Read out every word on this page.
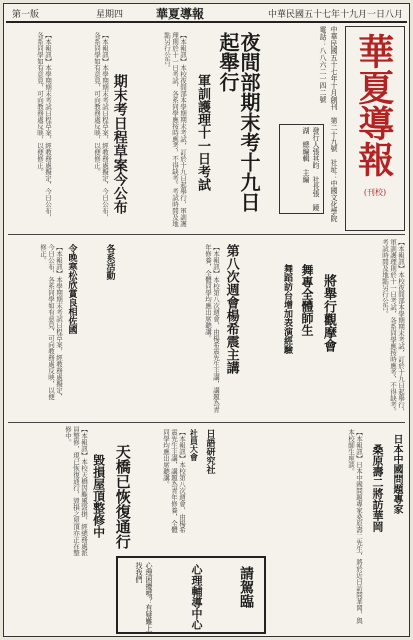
中華民國五十七年十九月一日八月
華夏導報
星期四
第一版
華夏導報
(刊校)
中華民國五十七年十月創刊　第二十九號　社址：中國文化學院　電話：八八六二一四二號
發行人張其昀　社長張　鏡　湖　總編輯　主編
夜間部期末考十九日起舉行
軍訓護理十一日考試
【本報訊】本校夜間部本學期期末考試，訂於十九日起舉行，軍訓護理則於十一日考試，各系同學應按時應考，不得缺考。考試時間及地點另行公告。
期末考日程草案今公布
【本報訊】本學期期末考試日程草案，經教務處擬定，今日公布，各系同學如有意見，可向教務處反映，以便修正。
【本報訊】本學期期末考試日程草案，經教務處擬定，今日公布，各系同學如有意見，可向教務處反映，以便修正。
將舉行觀摩會
舞專全體師生
舞蹈訪台增加表演經驗	【本報訊】本校夜間部本學期期末考試，訂於十九日起舉行，軍訓護理則於十一日考試，各系同學應按時應考，不得缺考。考試時間及地點另行公告。
第八次週會楊希震主講
【本報訊】本校第八次週會，由楊希震先生主講，講題為青年修養，全體同學均應出席聽講。
令晚寒松欣賞良相佐國
【本報訊】本學期期末考試日程草案，經教務處擬定，今日公布，各系同學如有意見，可向教務處反映，以便修正。	各系活動
天橋已恢復通行
毀損屋頂整修中
【本報訊】本校天橋因颱風毀損，經總務處派員整修，現已恢復通行，毀損之屋頂亦正在整修中。	日語研究社
社員大會
【本報訊】本校第八次週會，由楊希震先生主講，講題為青年修養，全體同學均應出席聽講。	日本中國問題專家
桑原壽二將訪華岡
【本報訊】日本中國問題專家桑原壽二先生，將於近日訪問華岡，與本校師生座談。
請駕臨
心理輔導中心
心理困擾嗎？有疑難上找我們
